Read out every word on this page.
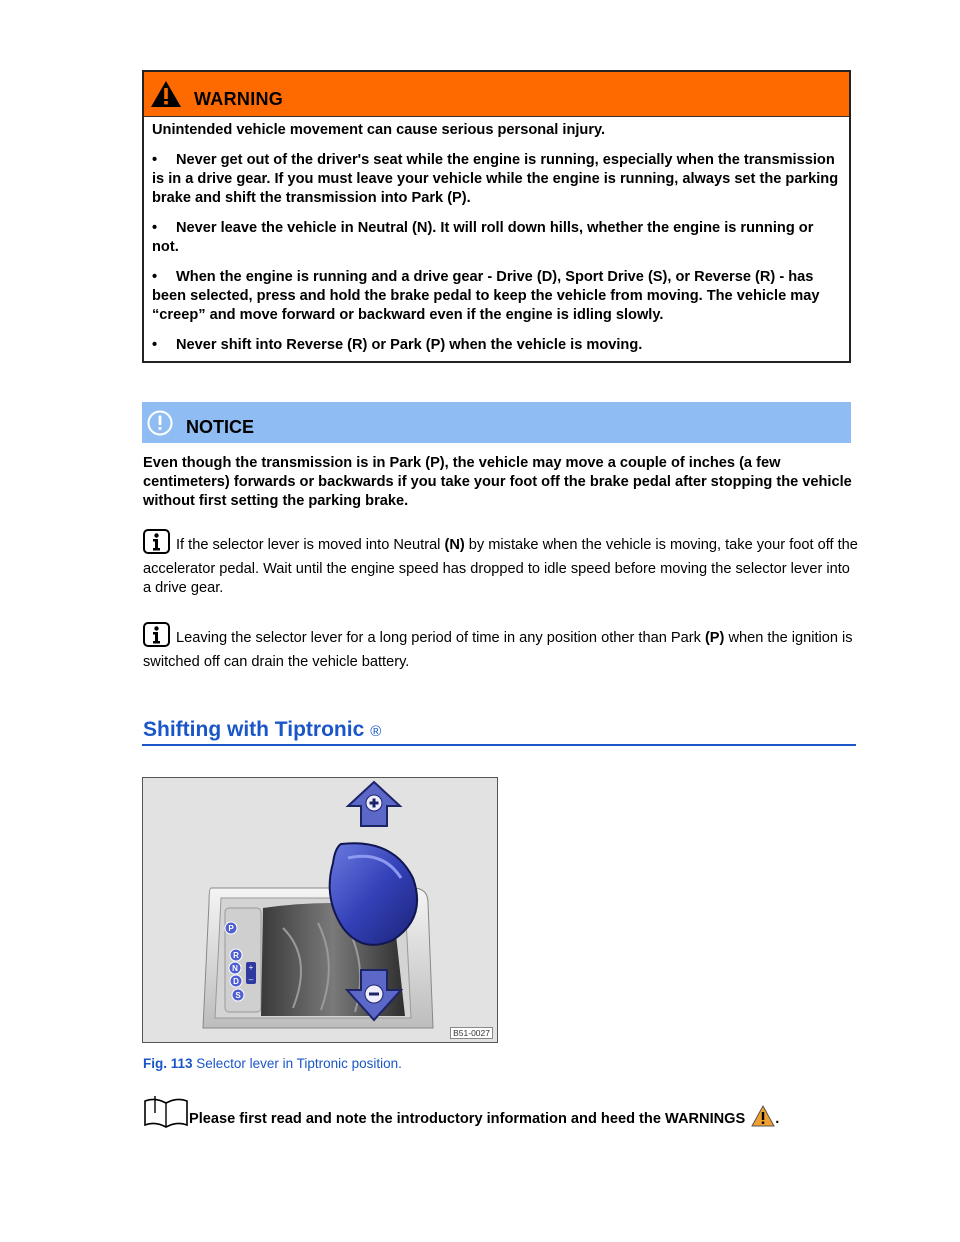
WARNING

Unintended vehicle movement can cause serious personal injury.

• Never get out of the driver's seat while the engine is running, especially when the transmission is in a drive gear. If you must leave your vehicle while the engine is running, always set the parking brake and shift the transmission into Park (P).

• Never leave the vehicle in Neutral (N). It will roll down hills, whether the engine is running or not.

• When the engine is running and a drive gear - Drive (D), Sport Drive (S), or Reverse (R) - has been selected, press and hold the brake pedal to keep the vehicle from moving. The vehicle may “creep” and move forward or backward even if the engine is idling slowly.

• Never shift into Reverse (R) or Park (P) when the vehicle is moving.

NOTICE
Even though the transmission is in Park (P), the vehicle may move a couple of inches (a few centimeters) forwards or backwards if you take your foot off the brake pedal after stopping the vehicle without first setting the parking brake.
If the selector lever is moved into Neutral (N) by mistake when the vehicle is moving, take your foot off the accelerator pedal. Wait until the engine speed has dropped to idle speed before moving the selector lever into a drive gear.
Leaving the selector lever for a long period of time in any position other than Park (P) when the ignition is switched off can drain the vehicle battery.
Shifting with Tiptronic ®
P
R
N
D
S
+
–
B51-0027
Fig. 113 Selector lever in Tiptronic position.
Please first read and note the introductory information and heed the WARNINGS .
